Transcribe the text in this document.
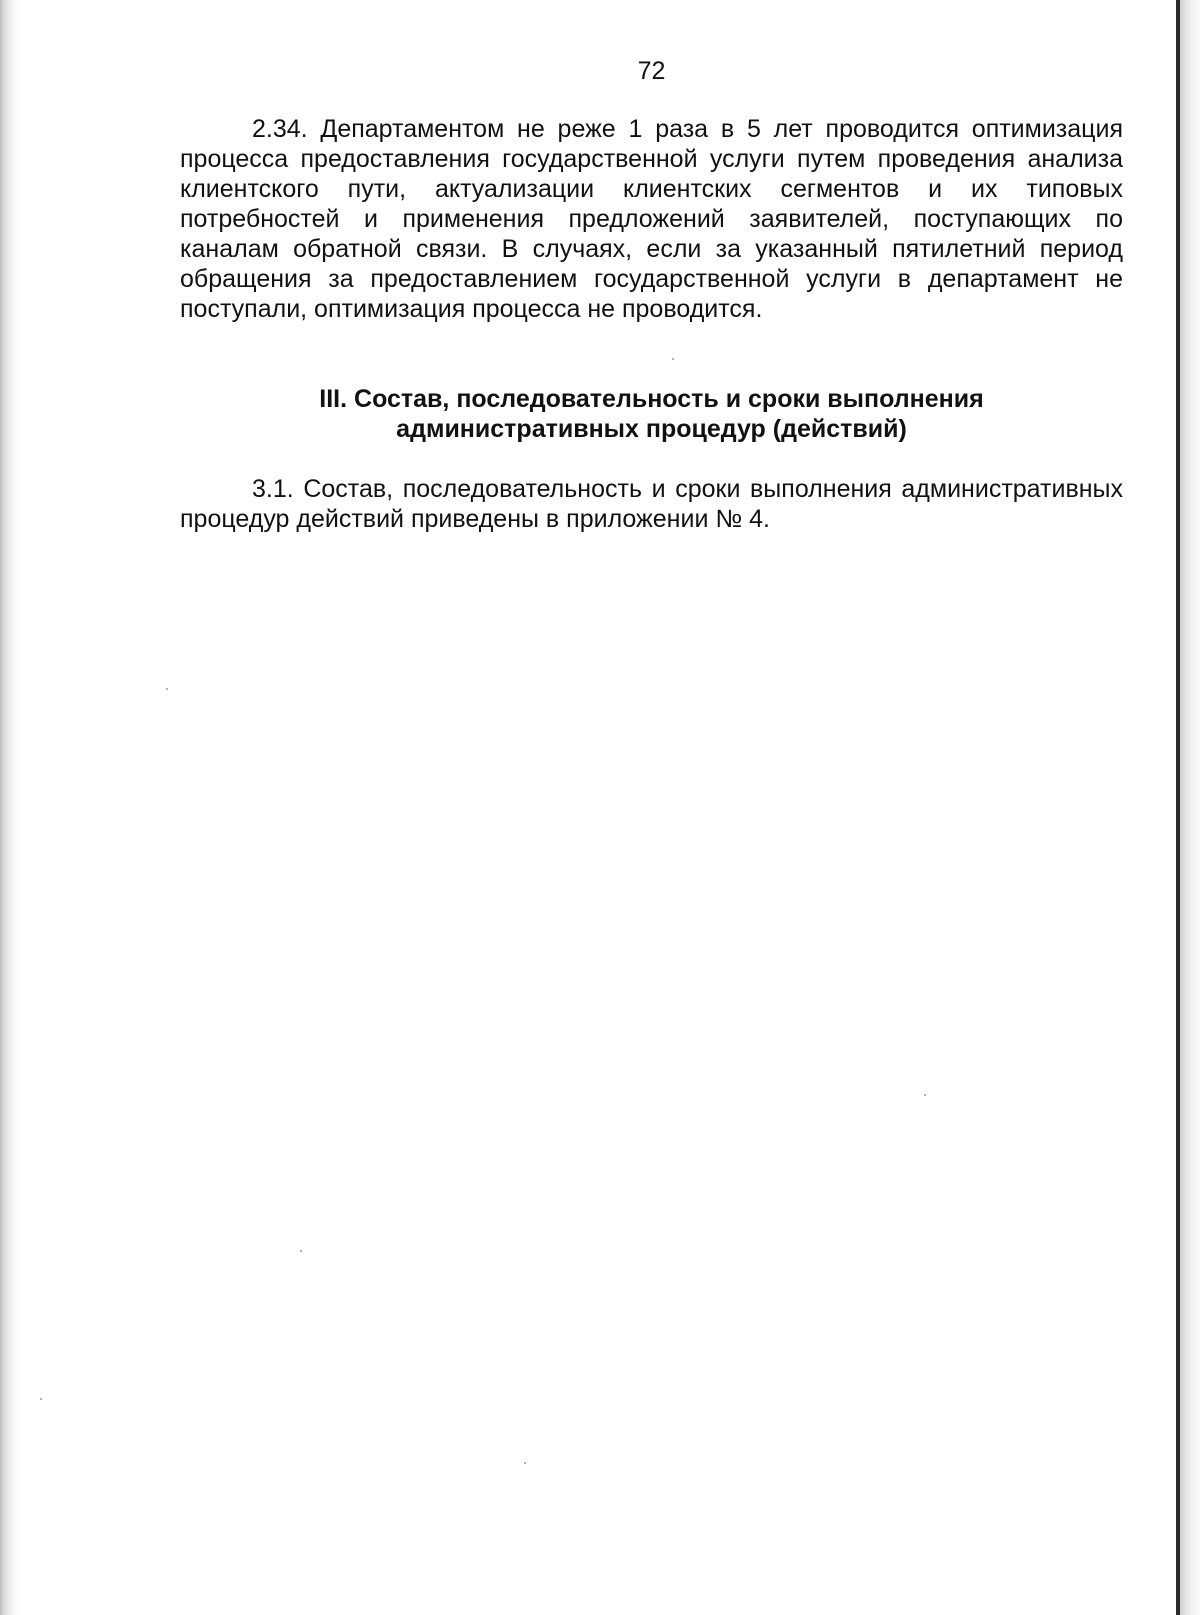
72

2.34. Департаментом не реже 1 раза в 5 лет проводится оптимизация процесса предоставления государственной услуги путем проведения анализа клиентского пути, актуализации клиентских сегментов и их типовых потребностей и применения предложений заявителей, поступающих по каналам обратной связи. В случаях, если за указанный пятилетний период обращения за предоставлением государственной услуги в департамент не поступали, оптимизация процесса не проводится.

III. Состав, последовательность и сроки выполнения
административных процедур (действий)

3.1. Состав, последовательность и сроки выполнения административных процедур действий приведены в приложении № 4.
